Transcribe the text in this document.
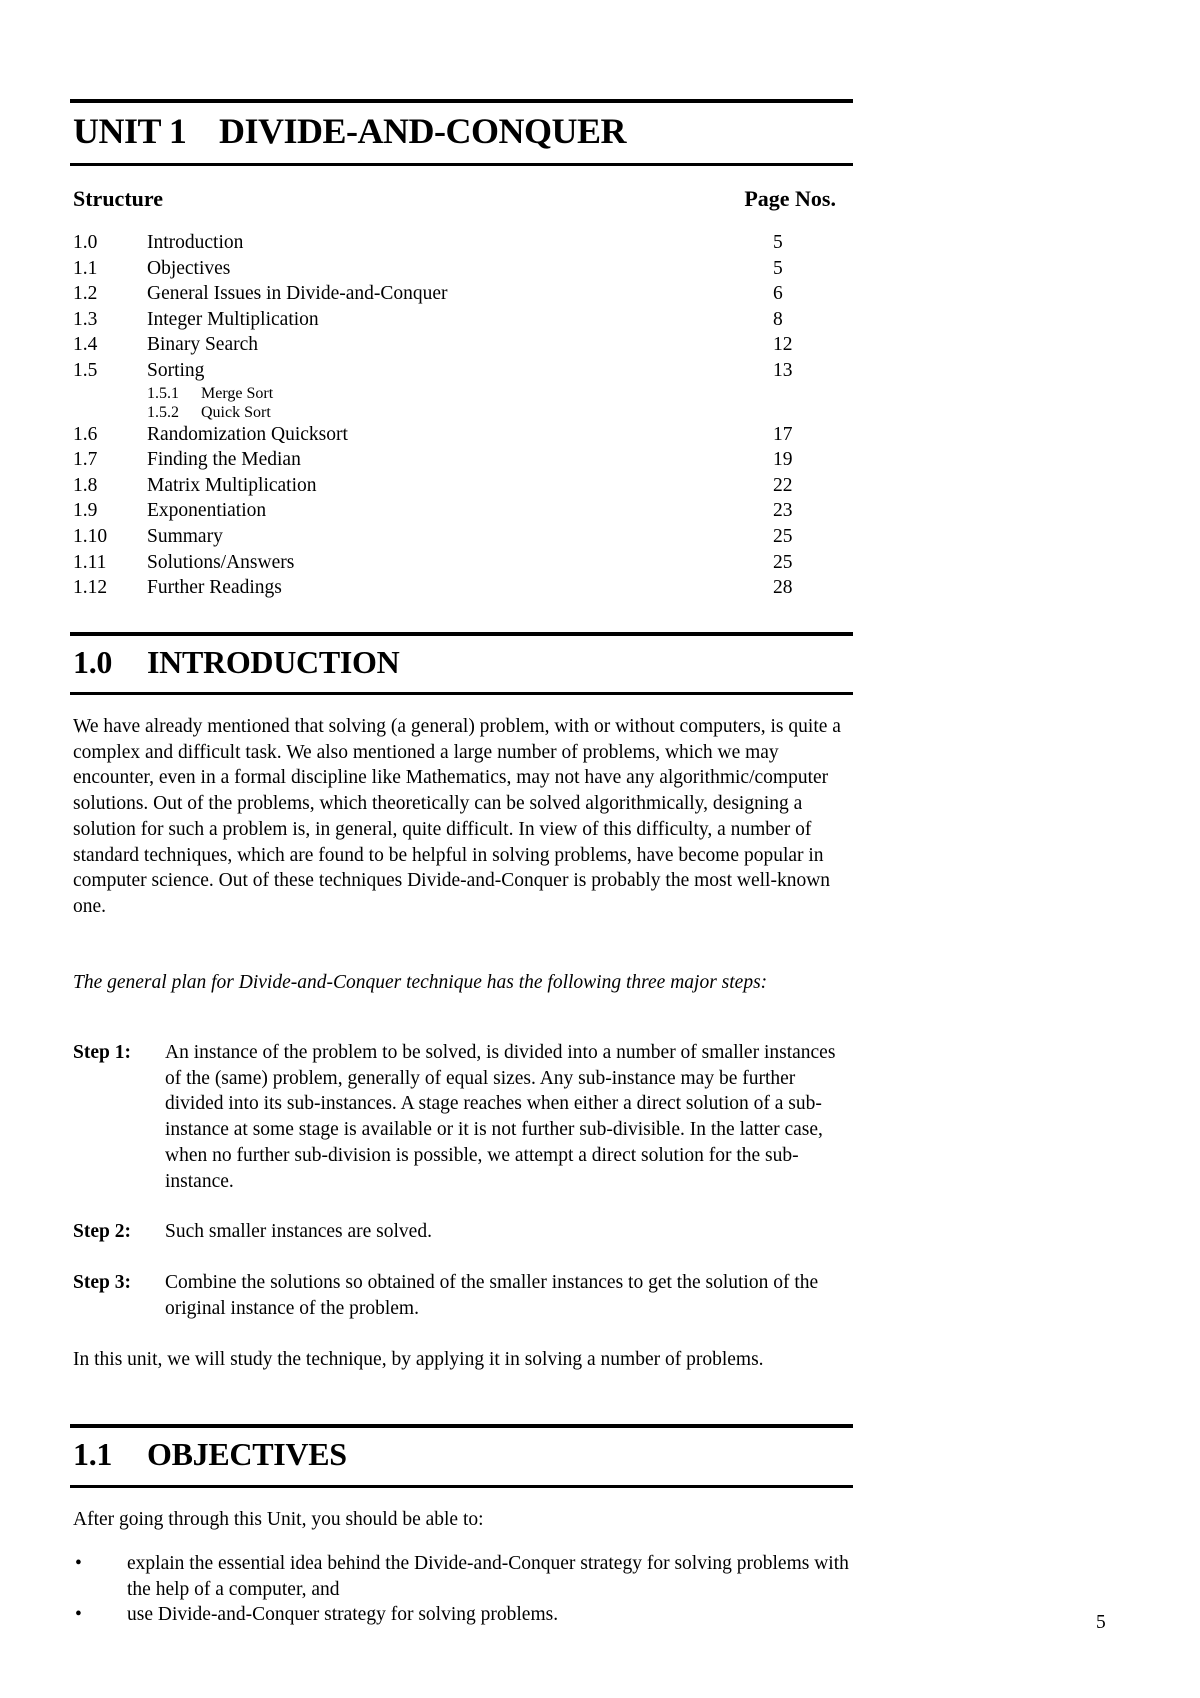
UNIT 1 DIVIDE-AND-CONQUER
Structure	Page Nos.
1.0	Introduction	5
1.1	Objectives	5
1.2	General Issues in Divide-and-Conquer	6
1.3	Integer Multiplication	8
1.4	Binary Search	12
1.5	Sorting	13
1.5.1 Merge Sort
1.5.2 Quick Sort
1.6	Randomization Quicksort	17
1.7	Finding the Median	19
1.8	Matrix Multiplication	22
1.9	Exponentiation	23
1.10 Summary	25
1.11 Solutions/Answers	25
1.12 Further Readings	28
1.0 INTRODUCTION
We have already mentioned that solving (a general) problem, with or without computers, is quite a complex and difficult task. We also mentioned a large number of problems, which we may encounter, even in a formal discipline like Mathematics, may not have any algorithmic/computer solutions. Out of the problems, which theoretically can be solved algorithmically, designing a solution for such a problem is, in general, quite difficult. In view of this difficulty, a number of standard techniques, which are found to be helpful in solving problems, have become popular in computer science. Out of these techniques Divide-and-Conquer is probably the most well-known one.
The general plan for Divide-and-Conquer technique has the following three major steps:
Step 1: An instance of the problem to be solved, is divided into a number of smaller instances of the (same) problem, generally of equal sizes. Any sub-instance may be further divided into its sub-instances. A stage reaches when either a direct solution of a sub-instance at some stage is available or it is not further sub-divisible. In the latter case, when no further sub-division is possible, we attempt a direct solution for the sub-instance.
Step 2: Such smaller instances are solved.
Step 3: Combine the solutions so obtained of the smaller instances to get the solution of the original instance of the problem.
In this unit, we will study the technique, by applying it in solving a number of problems.
1.1 OBJECTIVES
After going through this Unit, you should be able to:
• explain the essential idea behind the Divide-and-Conquer strategy for solving problems with the help of a computer, and
• use Divide-and-Conquer strategy for solving problems.	5
